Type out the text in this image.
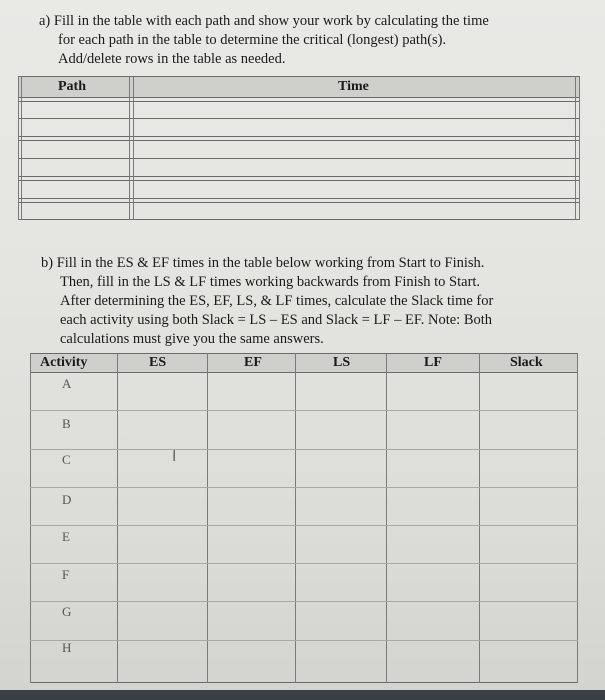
a) Fill in the table with each path and show your work by calculating the time
for each path in the table to determine the critical (longest) path(s).
Add/delete rows in the table as needed.
Path	Time
b) Fill in the ES & EF times in the table below working from Start to Finish.
Then, fill in the LS & LF times working backwards from Finish to Start.
After determining the ES, EF, LS, & LF times, calculate the Slack time for
each activity using both Slack = LS – ES and Slack = LF – EF. Note: Both
calculations must give you the same answers.
Activity	ES	EF	LS	LF	Slack
A
B
C
D
E
F
G
H
I
